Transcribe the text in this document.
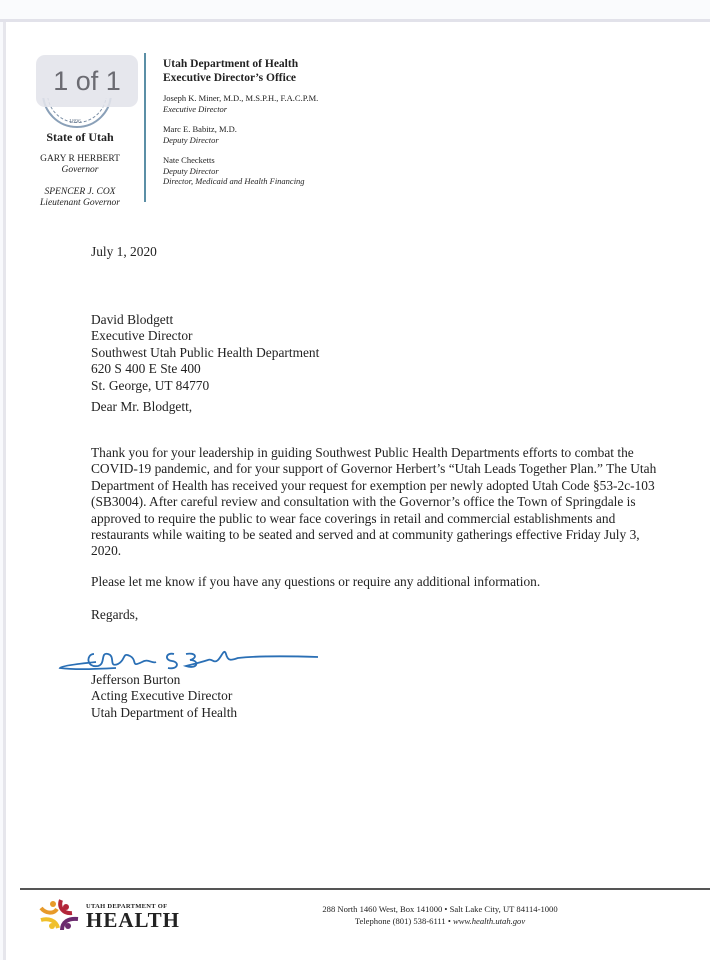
1 of 1
1896
State of Utah
GARY R HERBERT
Governor
SPENCER J. COX
Lieutenant Governor
Utah Department of Health
Executive Director’s Office
Joseph K. Miner, M.D., M.S.P.H., F.A.C.P.M.
Executive Director
Marc E. Babitz, M.D.
Deputy Director
Nate Checketts
Deputy Director
Director, Medicaid and Health Financing
July 1, 2020
David Blodgett
Executive Director
Southwest Utah Public Health Department
620 S 400 E Ste 400
St. George, UT 84770
Dear Mr. Blodgett,
Thank you for your leadership in guiding Southwest Public Health Departments efforts to combat the COVID-19 pandemic, and for your support of Governor Herbert’s “Utah Leads Together Plan.” The Utah Department of Health has received your request for exemption per newly adopted Utah Code §53-2c-103 (SB3004). After careful review and consultation with the Governor’s office the Town of Springdale is approved to require the public to wear face coverings in retail and commercial establishments and restaurants while waiting to be seated and served and at community gatherings effective Friday July 3, 2020.
Please let me know if you have any questions or require any additional information.
Regards,
Jefferson Burton
Acting Executive Director
Utah Department of Health
UTAH DEPARTMENT OF
HEALTH	288 North 1460 West, Box 141000 • Salt Lake City, UT 84114-1000
Telephone (801) 538-6111 • www.health.utah.gov
